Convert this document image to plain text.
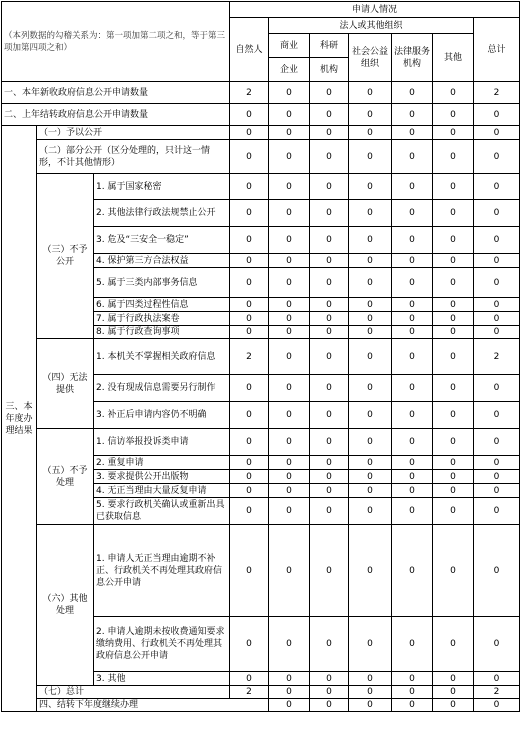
（本列数据的勾稽关系为：第一项加第二项之和，等于第三项加第四项之和）			申请人情况							
			自然人	法人或其他组织					总计	
				商业	科研	社会公益组织	法律服务机构	其他		
				企业	机构					
一、本年新收政府信息公开申请数量			2	0	0	0	0	0	2	
二、上年结转政府信息公开申请数量			0	0	0	0	0	0	0	
三、本年度办理结果	（一）予以公开		0	0	0	0	0	0	0	
	（二）部分公开（区分处理的，只计这一情形，不计其他情形）		0	0	0	0	0	0	0	
	（三）不予公开	1. 属于国家秘密	0	0	0	0	0	0	0	
		2. 其他法律行政法规禁止公开	0	0	0	0	0	0	0	
		3. 危及“三安全一稳定”	0	0	0	0	0	0	0	
		4. 保护第三方合法权益	0	0	0	0	0	0	0	
		5. 属于三类内部事务信息	0	0	0	0	0	0	0	
		6. 属于四类过程性信息	0	0	0	0	0	0	0	
		7. 属于行政执法案卷	0	0	0	0	0	0	0	
		8. 属于行政查询事项	0	0	0	0	0	0	0	
	（四）无法提供	1. 本机关不掌握相关政府信息	2	0	0	0	0	0	2	
		2. 没有现成信息需要另行制作	0	0	0	0	0	0	0	
		3. 补正后申请内容仍不明确	0	0	0	0	0	0	0	
	（五）不予处理	1. 信访举报投诉类申请	0	0	0	0	0	0	0	
		2. 重复申请	0	0	0	0	0	0	0	
		3. 要求提供公开出版物	0	0	0	0	0	0	0	
		4. 无正当理由大量反复申请	0	0	0	0	0	0	0	
		5. 要求行政机关确认或重新出具已获取信息	0	0	0	0	0	0	0	
	（六）其他处理	1. 申请人无正当理由逾期不补正、行政机关不再处理其政府信息公开申请	0	0	0	0	0	0	0	
		2. 申请人逾期未按收费通知要求缴纳费用、行政机关不再处理其政府信息公开申请	0	0	0	0	0	0	0	
		3. 其他	0	0	0	0	0	0	0	
	（七）总计		2	0	0	0	0	0	2	
	四、结转下年度继续办理			0	0	0	0	0	0	
